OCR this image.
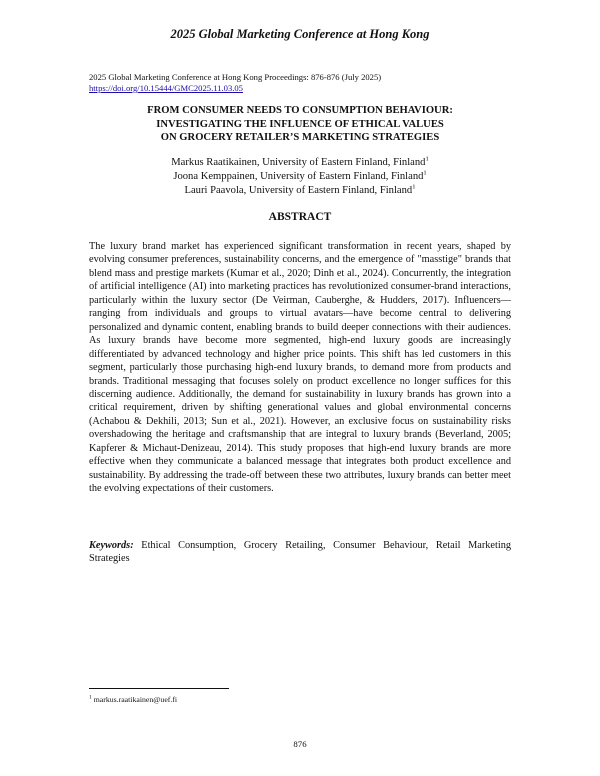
2025 Global Marketing Conference at Hong Kong
2025 Global Marketing Conference at Hong Kong Proceedings: 876-876 (July 2025)
https://doi.org/10.15444/GMC2025.11.03.05
FROM CONSUMER NEEDS TO CONSUMPTION BEHAVIOUR:
INVESTIGATING THE INFLUENCE OF ETHICAL VALUES
ON GROCERY RETAILER’S MARKETING STRATEGIES
Markus Raatikainen, University of Eastern Finland, Finland$^1$
Joona Kemppainen, University of Eastern Finland, Finland$^1$
Lauri Paavola, University of Eastern Finland, Finland$^1$
ABSTRACT
The luxury brand market has experienced significant transformation in recent years, shaped by evolving consumer preferences, sustainability concerns, and the emergence of "masstige" brands that blend mass and prestige markets (Kumar et al., 2020; Dinh et al., 2024). Concurrently, the integration of artificial intelligence (AI) into marketing practices has revolutionized consumer-brand interactions, particularly within the luxury sector (De Veirman, Cauberghe, & Hudders, 2017). Influencers—ranging from individuals and groups to virtual avatars—have become central to delivering personalized and dynamic content, enabling brands to build deeper connections with their audiences. As luxury brands have become more segmented, high-end luxury goods are increasingly differentiated by advanced technology and higher price points. This shift has led customers in this segment, particularly those purchasing high-end luxury brands, to demand more from products and brands. Traditional messaging that focuses solely on product excellence no longer suffices for this discerning audience. Additionally, the demand for sustainability in luxury brands has grown into a critical requirement, driven by shifting generational values and global environmental concerns (Achabou & Dekhili, 2013; Sun et al., 2021). However, an exclusive focus on sustainability risks overshadowing the heritage and craftsmanship that are integral to luxury brands (Beverland, 2005; Kapferer & Michaut-Denizeau, 2014). This study proposes that high-end luxury brands are more effective when they communicate a balanced message that integrates both product excellence and sustainability. By addressing the trade-off between these two attributes, luxury brands can better meet the evolving expectations of their customers.
Keywords: Ethical Consumption, Grocery Retailing, Consumer Behaviour, Retail Marketing Strategies
$^1$ markus.raatikainen@uef.fi
876
